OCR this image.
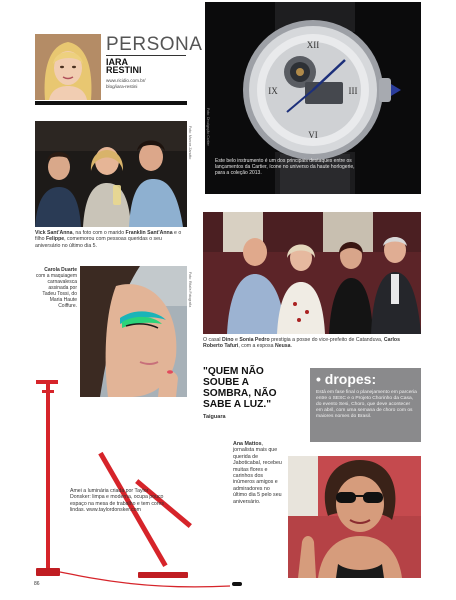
PERSONA
IARA
RESTINI
www.ricidio.com.br/
blog/iara-restini
XII
III
VI
IX
Este belo instrumento é um dos principais destaques entre os lançamentos da Cartier, ícone no universo da haute horlogerie, para a coleção 2013.
Foto: Divulgação Cartier
Foto: Marcos Zanutto
Vick Sant'Anna, na foto com o marido Franklin Sant'Anna e o filho Felippe, comemorou com pessoas queridas o seu aniversário no último dia 5.
Carola Duarte com a maquiagem carnavalesca assinada por Tadeu Tossi, do Maria Haute Coiffure.	Foto: Ritalis Fotografia
O casal Dino e Sonia Pedro prestigia a posse do vice-prefeito de Catanduva, Carlos Roberto Tafuri, com a esposa Neusa.
"QUEM NÃO
SOUBE A
SOMBRA, NÃO
SABE A LUZ."
Taiguara
• dropes:
Está em fase final o planejamento em parceria entre o SESC e o Projeto Chorinho da Casa, do evento Sesi, Choro, que deve acontecer em abril, com uma semana de choro com os maiores nomes do Brasil.
Ana Mattos, jornalista mais que querida de Jaboticabal, recebeu muitas flores e carinhos dos inúmeros amigos e admiradores no último dia 5 pelo seu aniversário.
Amei a luminária criada por Taylor Donsker: limpa e moderna, ocupa pouco espaço na mesa de trabalho e tem cores lindas. www.taylordonsker.com
86
